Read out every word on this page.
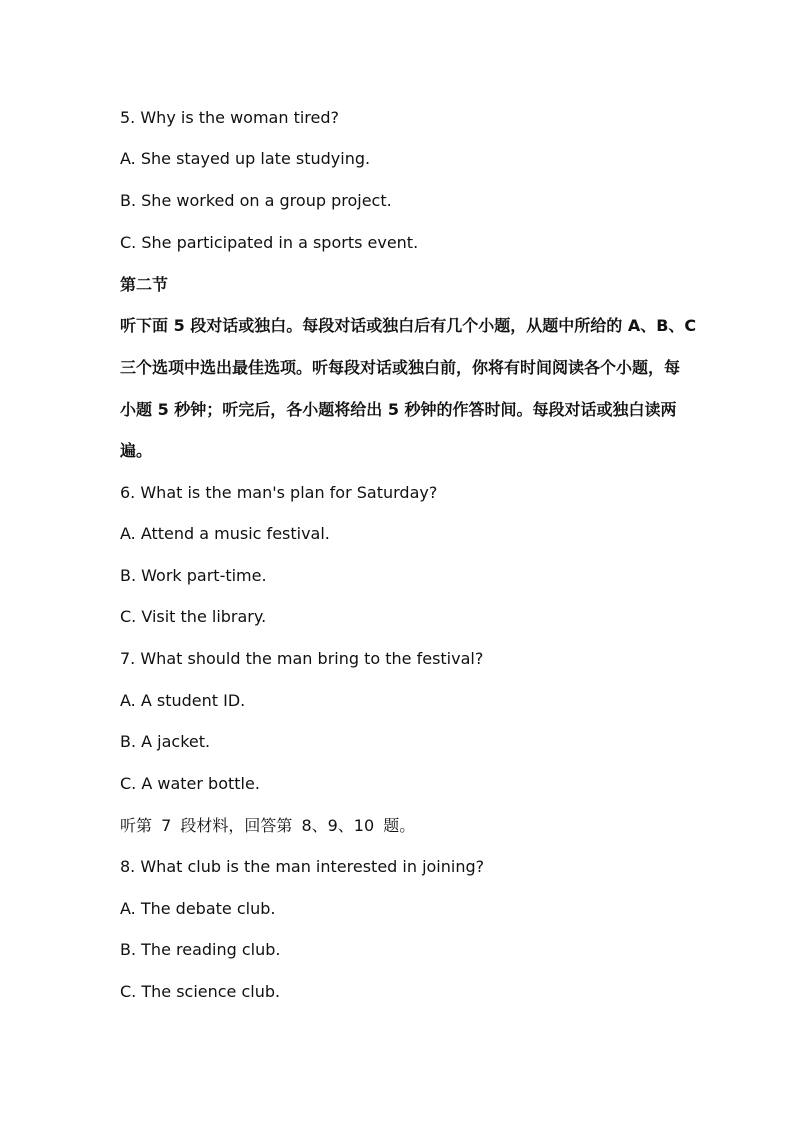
5. Why is the woman tired?
A. She stayed up late studying.
B. She worked on a group project.
C. She participated in a sports event.
第二节
听下面 5 段对话或独白。每段对话或独白后有几个小题，从题中所给的 A、B、C
三个选项中选出最佳选项。听每段对话或独白前，你将有时间阅读各个小题，每
小题 5 秒钟；听完后，各小题将给出 5 秒钟的作答时间。每段对话或独白读两
遍。
6. What is the man's plan for Saturday?
A. Attend a music festival.
B. Work part-time.
C. Visit the library.
7. What should the man bring to the festival?
A. A student ID.
B. A jacket.
C. A water bottle.
听第 7 段材料，回答第 8、9、10 题。
8. What club is the man interested in joining?
A. The debate club.
B. The reading club.
C. The science club.
